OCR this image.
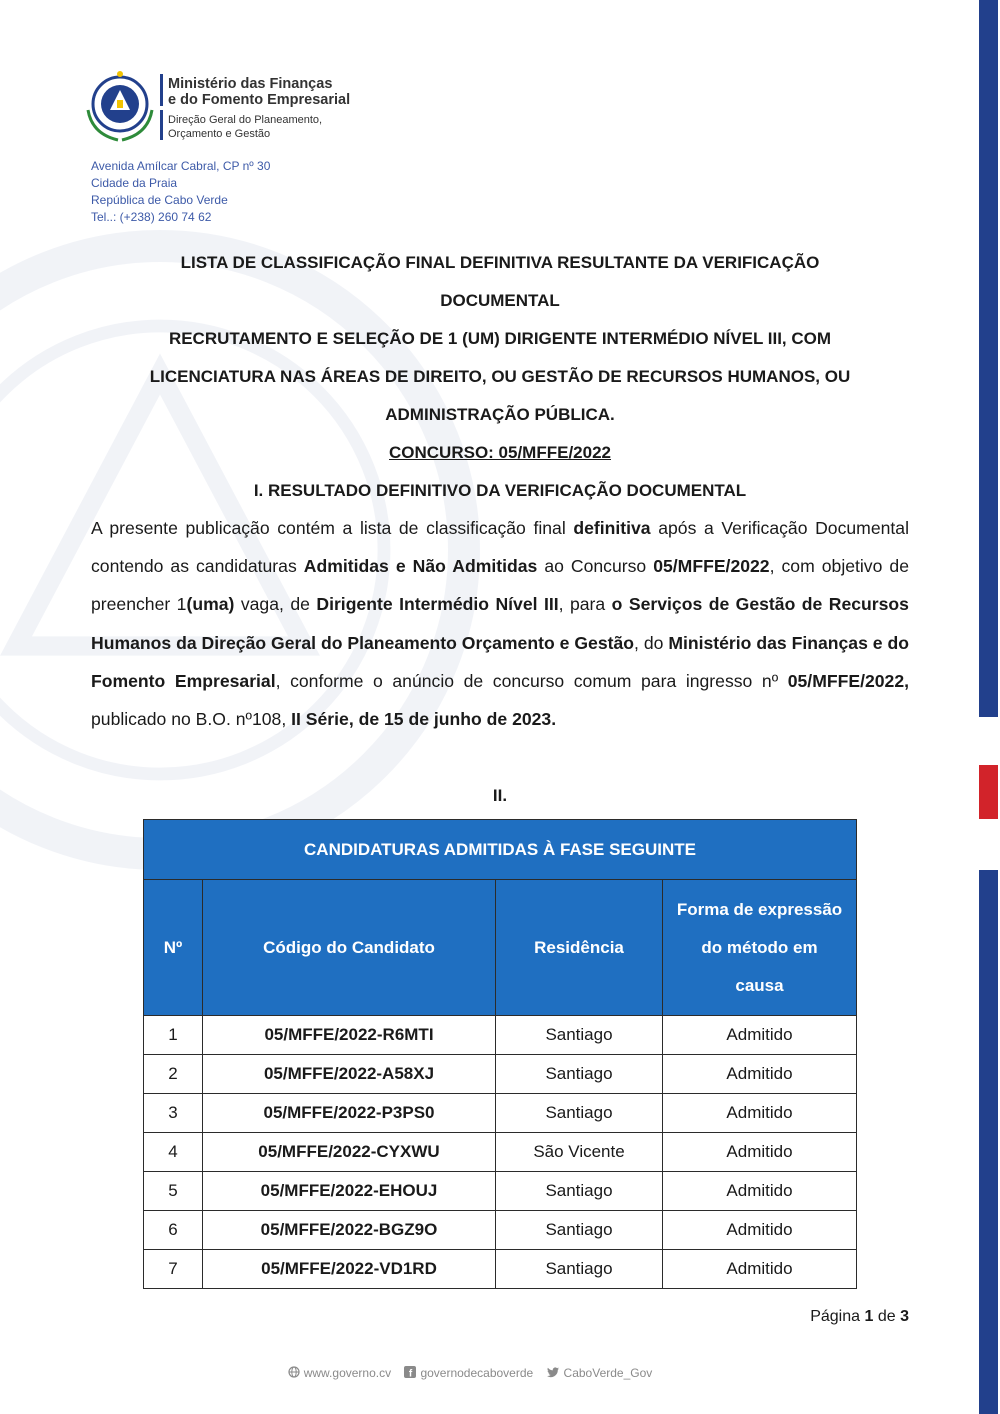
Ministério das Finanças
e do Fomento Empresarial
Direção Geral do Planeamento,
Orçamento e Gestão
Avenida Amílcar Cabral, CP nº 30
Cidade da Praia
República de Cabo Verde
Tel..: (+238) 260 74 62
LISTA DE CLASSIFICAÇÃO FINAL DEFINITIVA RESULTANTE DA VERIFICAÇÃO
DOCUMENTAL
RECRUTAMENTO E SELEÇÃO DE 1 (UM) DIRIGENTE INTERMÉDIO NÍVEL III, COM
LICENCIATURA NAS ÁREAS DE DIREITO, OU GESTÃO DE RECURSOS HUMANOS, OU
ADMINISTRAÇÃO PÚBLICA.
CONCURSO: 05/MFFE/2022
I. RESULTADO DEFINITIVO DA VERIFICAÇÃO DOCUMENTAL
A presente publicação contém a lista de classificação final definitiva após a Verificação Documental contendo as candidaturas Admitidas e Não Admitidas ao Concurso 05/MFFE/2022, com objetivo de preencher 1(uma) vaga, de Dirigente Intermédio Nível III, para o Serviços de Gestão de Recursos Humanos da Direção Geral do Planeamento Orçamento e Gestão, do Ministério das Finanças e do Fomento Empresarial, conforme o anúncio de concurso comum para ingresso nº 05/MFFE/2022, publicado no B.O. nº108, II Série, de 15 de junho de 2023.
II.
CANDIDATURAS ADMITIDAS À FASE SEGUINTE			
Nº	Código do Candidato	Residência	Forma de expressão
do método em
causa

1	05/MFFE/2022-R6MTI	Santiago	Admitido
2	05/MFFE/2022-A58XJ	Santiago	Admitido
3	05/MFFE/2022-P3PS0	Santiago	Admitido
4	05/MFFE/2022-CYXWU	São Vicente	Admitido
5	05/MFFE/2022-EHOUJ	Santiago	Admitido
6	05/MFFE/2022-BGZ9O	Santiago	Admitido
7	05/MFFE/2022-VD1RD	Santiago	Admitido
Página 1 de 3
www.governo.cv f governodecaboverde	CaboVerde_Gov
